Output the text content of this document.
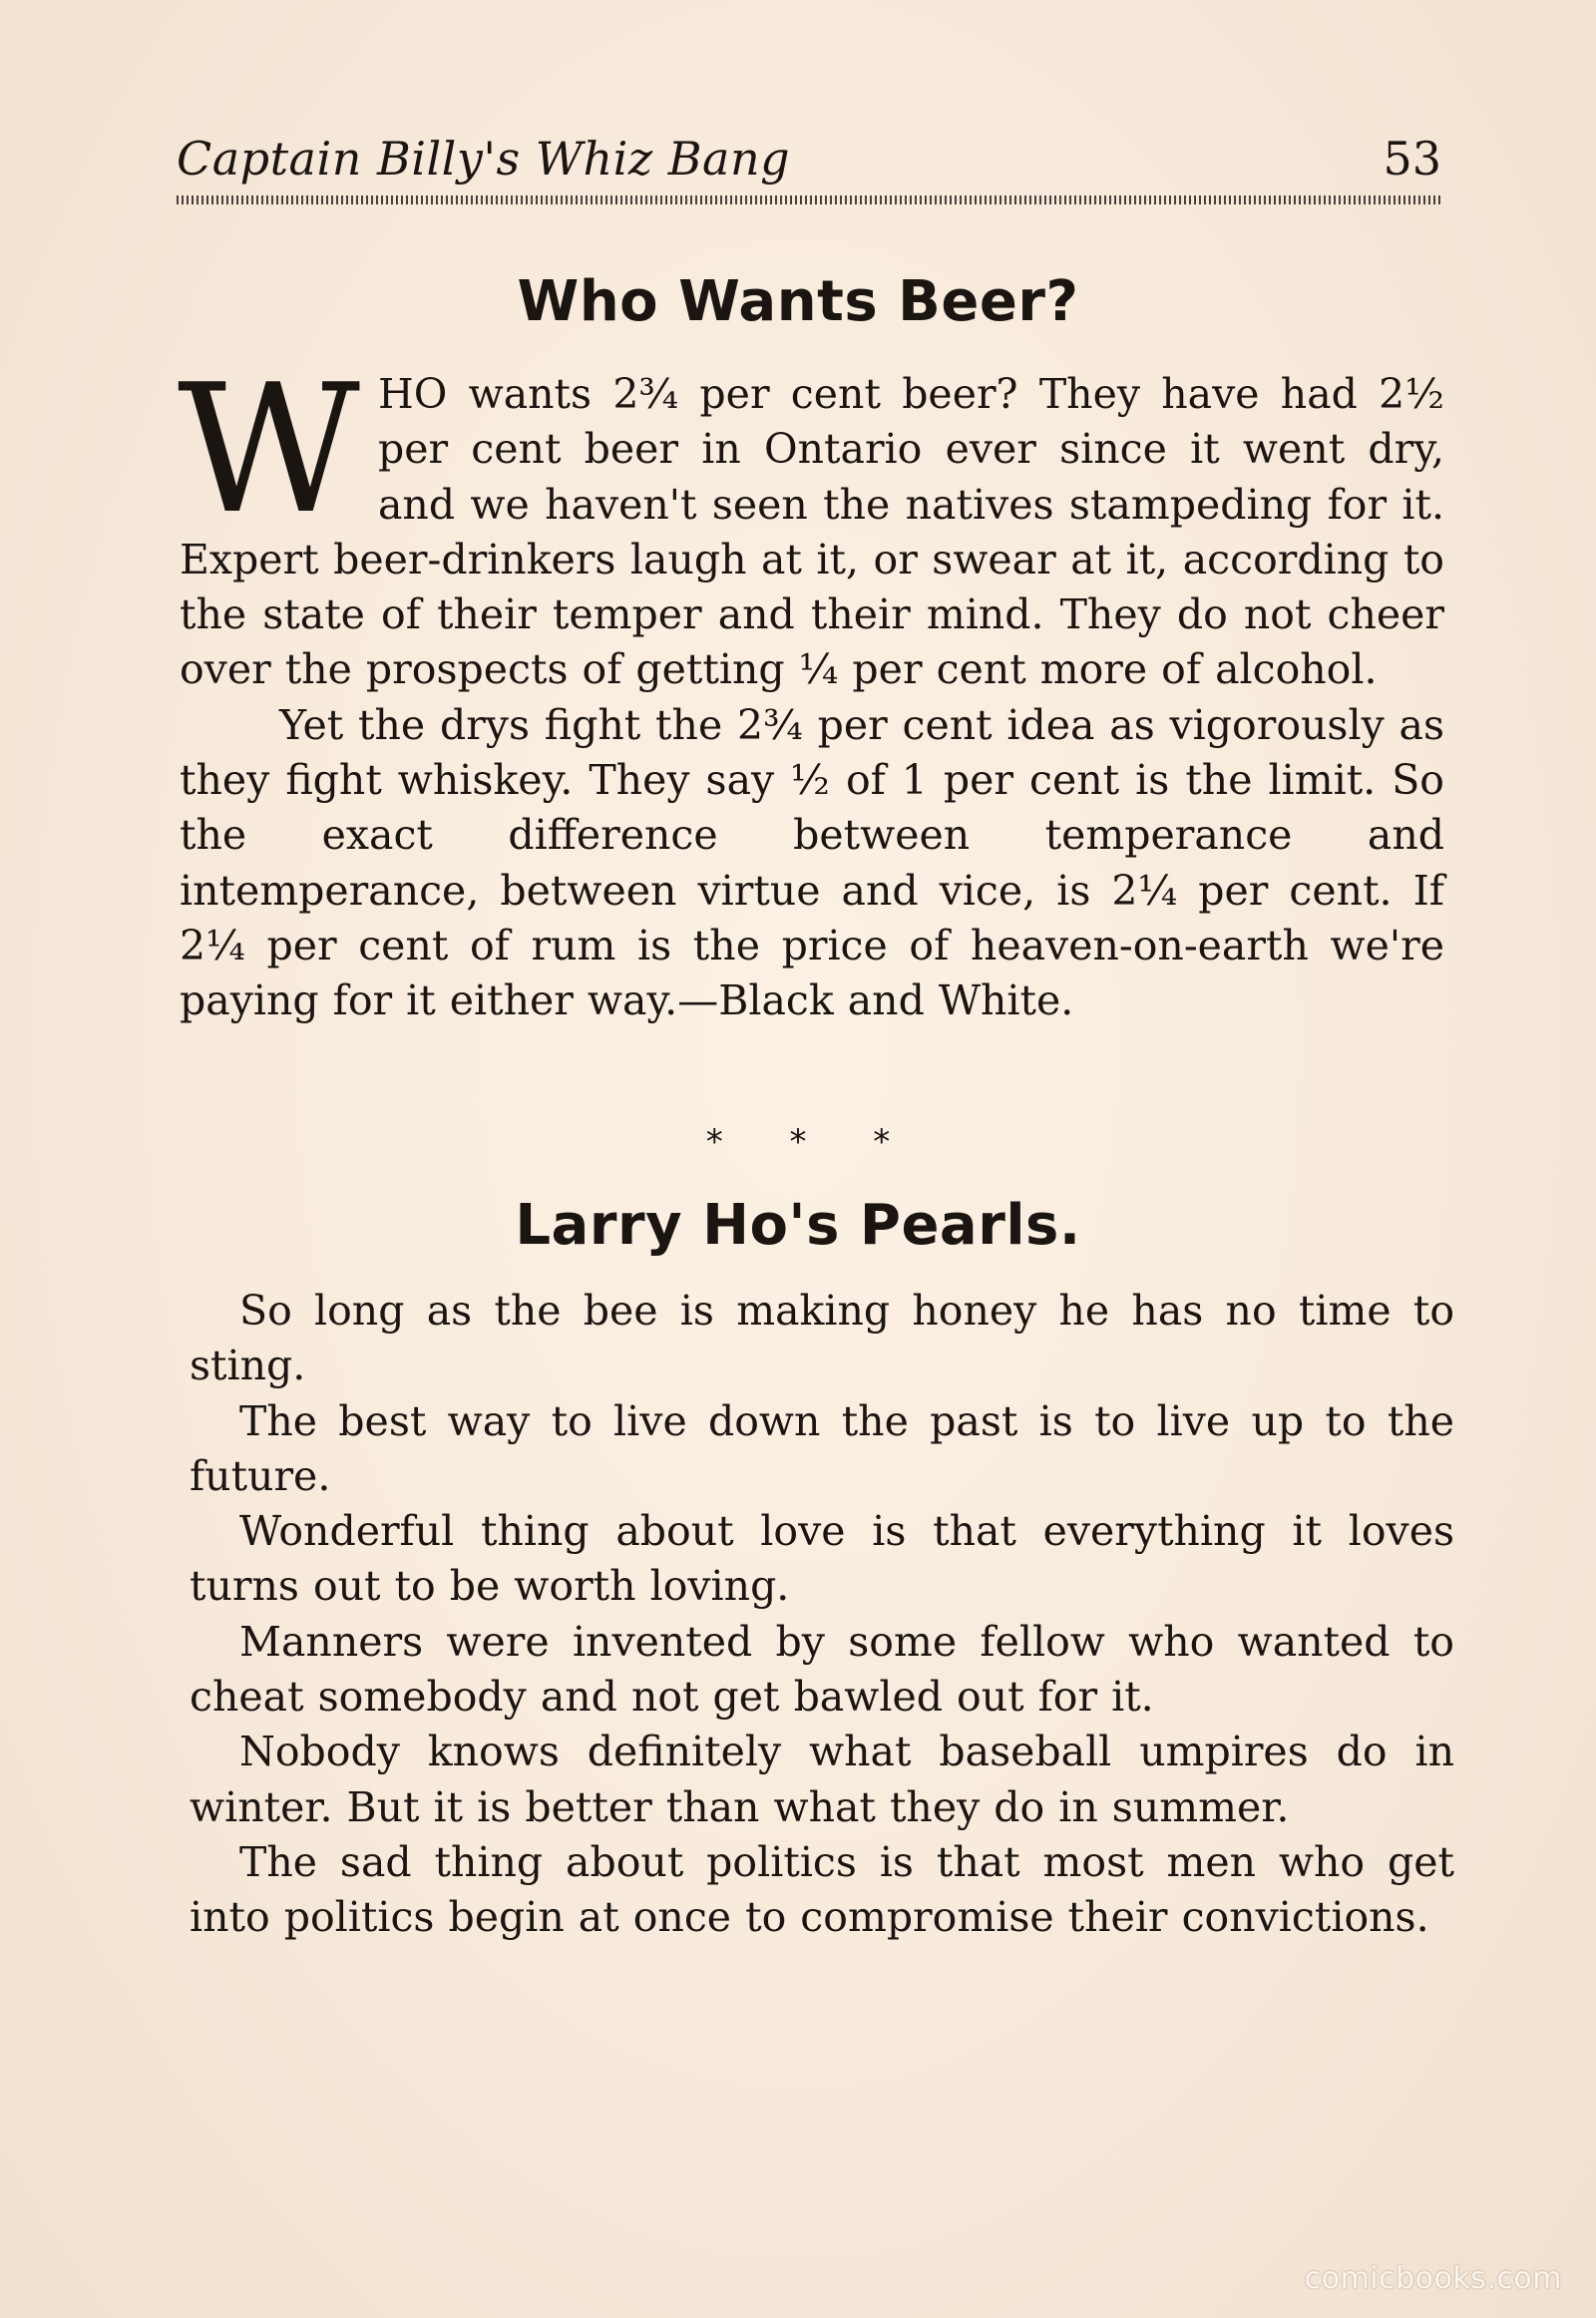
Captain Billy's Whiz Bang	53
Who Wants Beer?

WHO wants 2¾ per cent beer? They have had 2½ per cent beer in Ontario ever since it went dry, and we haven't seen the natives stampeding for it. Expert beer-drinkers laugh at it, or swear at it, according to the state of their temper and their mind. They do not cheer over the prospects of getting ¼ per cent more of alcohol.

Yet the drys fight the 2¾ per cent idea as vigorously as they fight whiskey. They say ½ of 1 per cent is the limit. So the exact difference between temperance and intemperance, between virtue and vice, is 2¼ per cent. If 2¼ per cent of rum is the price of heaven-on-earth we're paying for it either way.—Black and White.

* * *
Larry Ho's Pearls.

So long as the bee is making honey he has no time to sting.

The best way to live down the past is to live up to the future.

Wonderful thing about love is that everything it loves turns out to be worth loving.

Manners were invented by some fellow who wanted to cheat somebody and not get bawled out for it.

Nobody knows definitely what baseball umpires do in winter. But it is better than what they do in summer.

The sad thing about politics is that most men who get into politics begin at once to compromise their convictions.

comicbooks.com
